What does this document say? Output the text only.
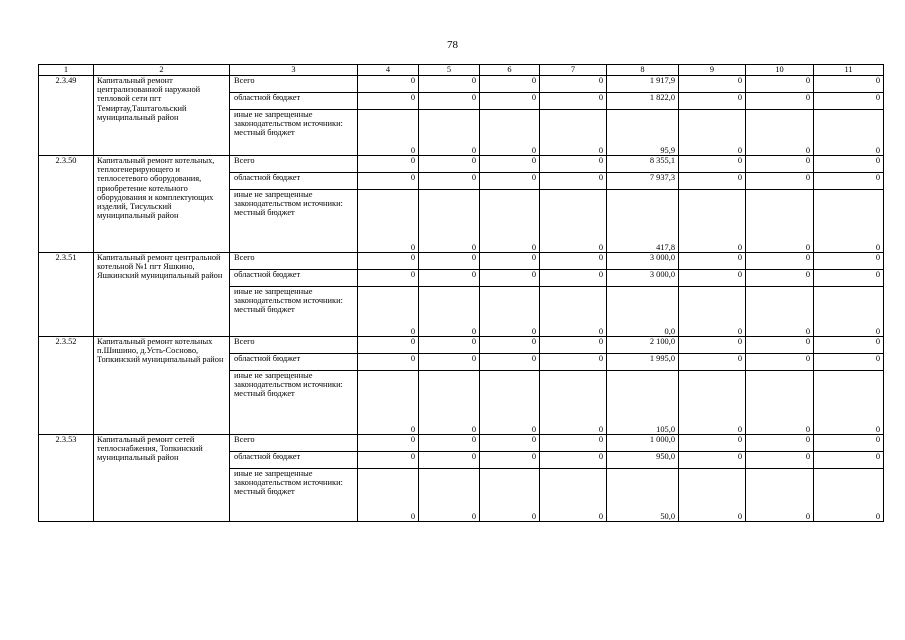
78
1	2	3	4	5	6	7	8	9	10	11
2.3.49	Капитальный ремонт централизованной наружной тепловой сети пгт Темиртау,Таштагольский муниципальный район	Всего	0	0	0	0	1 917,9	0	0	0
		областной бюджет	0	0	0	0	1 822,0	0	0	0
		иные не запрещенные законодательством источники:
местный бюджет	0	0	0	0	95,9	0	0	0
2.3.50	Капитальный ремонт котельных, теплогенерирующего и теплосетевого оборудования, приобретение котельного оборудования и комплектующих изделий, Тисульский муниципальный район	Всего	0	0	0	0	8 355,1	0	0	0
		областной бюджет	0	0	0	0	7 937,3	0	0	0
		иные не запрещенные законодательством источники:
местный бюджет	0	0	0	0	417,8	0	0	0
2.3.51	Капитальный ремонт центральной котельной №1 пгт Яшкино, Яшкинский муниципальный район	Всего	0	0	0	0	3 000,0	0	0	0
		областной бюджет	0	0	0	0	3 000,0	0	0	0
		иные не запрещенные законодательством источники:
местный бюджет	0	0	0	0	0,0	0	0	0
2.3.52	Капитальный ремонт котельных п.Шишино, д.Усть-Сосново, Топкинский муниципальный район	Всего	0	0	0	0	2 100,0	0	0	0
		областной бюджет	0	0	0	0	1 995,0	0	0	0
		иные не запрещенные законодательством источники:
местный бюджет	0	0	0	0	105,0	0	0	0
2.3.53	Капитальный ремонт сетей теплоснабжения, Топкинский муниципальный район	Всего	0	0	0	0	1 000,0	0	0	0
		областной бюджет	0	0	0	0	950,0	0	0	0
		иные не запрещенные законодательством источники:
местный бюджет	0	0	0	0	50,0	0	0	0
